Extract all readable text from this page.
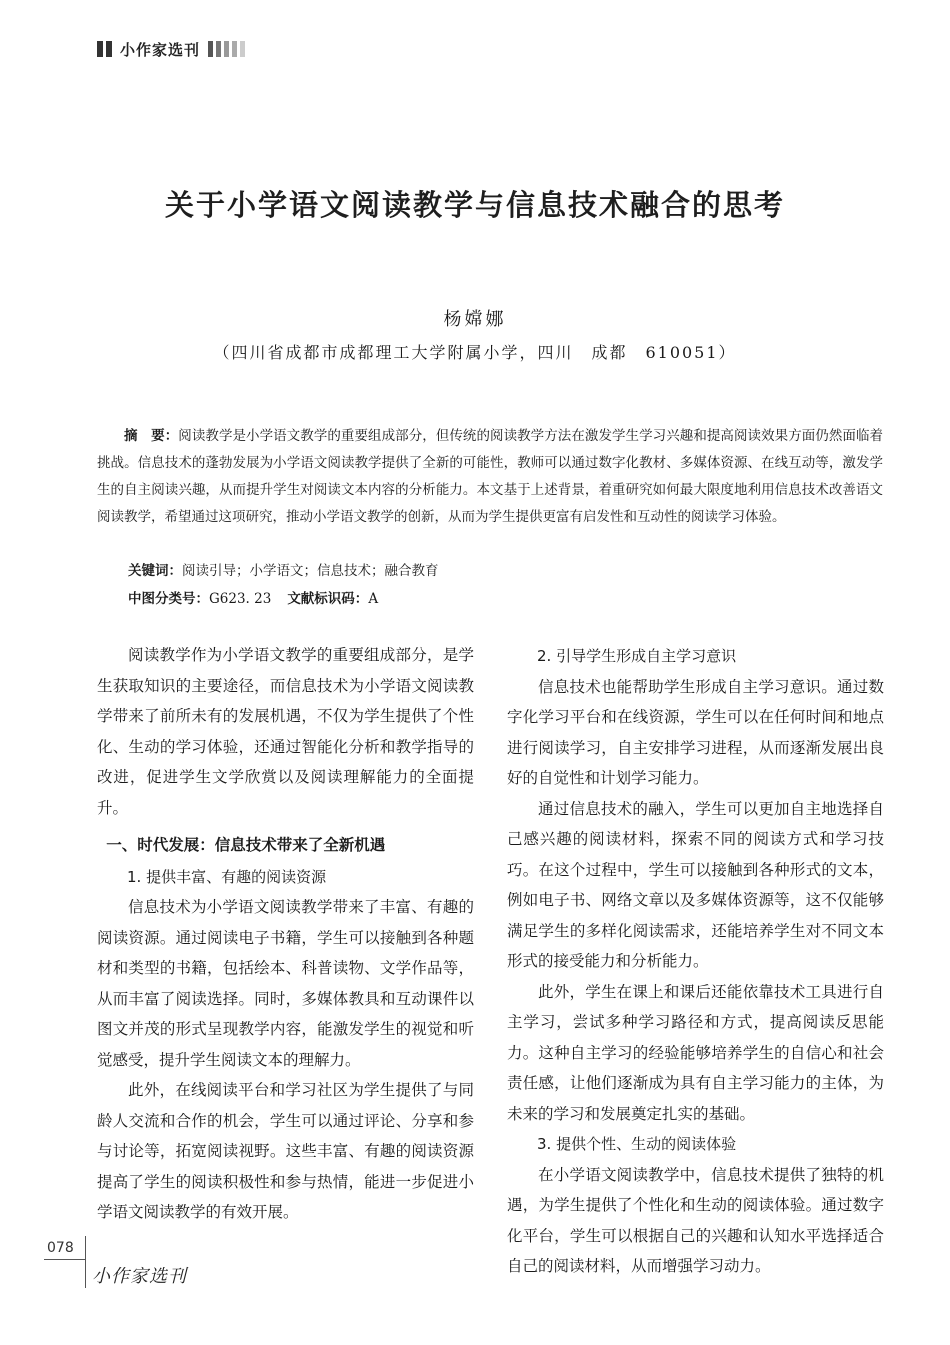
小作家选刊
关于小学语文阅读教学与信息技术融合的思考
杨嫦娜
（四川省成都市成都理工大学附属小学，四川　成都　610051）
摘　要：阅读教学是小学语文教学的重要组成部分，但传统的阅读教学方法在激发学生学习兴趣和提高阅读效果方面仍然面临着挑战。信息技术的蓬勃发展为小学语文阅读教学提供了全新的可能性，教师可以通过数字化教材、多媒体资源、在线互动等，激发学生的自主阅读兴趣，从而提升学生对阅读文本内容的分析能力。本文基于上述背景，着重研究如何最大限度地利用信息技术改善语文阅读教学，希望通过这项研究，推动小学语文教学的创新，从而为学生提供更富有启发性和互动性的阅读学习体验。
关键词：阅读引导；小学语文；信息技术；融合教育
中图分类号：G623. 23 文献标识码：A

阅读教学作为小学语文教学的重要组成部分，是学生获取知识的主要途径，而信息技术为小学语文阅读教学带来了前所未有的发展机遇，不仅为学生提供了个性化、生动的学习体验，还通过智能化分析和教学指导的改进，促进学生文学欣赏以及阅读理解能力的全面提升。

一、时代发展：信息技术带来了全新机遇

1. 提供丰富、有趣的阅读资源

信息技术为小学语文阅读教学带来了丰富、有趣的阅读资源。通过阅读电子书籍，学生可以接触到各种题材和类型的书籍，包括绘本、科普读物、文学作品等，从而丰富了阅读选择。同时，多媒体教具和互动课件以图文并茂的形式呈现教学内容，能激发学生的视觉和听觉感受，提升学生阅读文本的理解力。

此外，在线阅读平台和学习社区为学生提供了与同龄人交流和合作的机会，学生可以通过评论、分享和参与讨论等，拓宽阅读视野。这些丰富、有趣的阅读资源提高了学生的阅读积极性和参与热情，能进一步促进小学语文阅读教学的有效开展。

2. 引导学生形成自主学习意识

信息技术也能帮助学生形成自主学习意识。通过数字化学习平台和在线资源，学生可以在任何时间和地点进行阅读学习，自主安排学习进程，从而逐渐发展出良好的自觉性和计划学习能力。

通过信息技术的融入，学生可以更加自主地选择自己感兴趣的阅读材料，探索不同的阅读方式和学习技巧。在这个过程中，学生可以接触到各种形式的文本，例如电子书、网络文章以及多媒体资源等，这不仅能够满足学生的多样化阅读需求，还能培养学生对不同文本形式的接受能力和分析能力。

此外，学生在课上和课后还能依靠技术工具进行自主学习，尝试多种学习路径和方式，提高阅读反思能力。这种自主学习的经验能够培养学生的自信心和社会责任感，让他们逐渐成为具有自主学习能力的主体，为未来的学习和发展奠定扎实的基础。

3. 提供个性、生动的阅读体验

在小学语文阅读教学中，信息技术提供了独特的机遇，为学生提供了个性化和生动的阅读体验。通过数字化平台，学生可以根据自己的兴趣和认知水平选择适合自己的阅读材料，从而增强学习动力。

078
小作家选刊
